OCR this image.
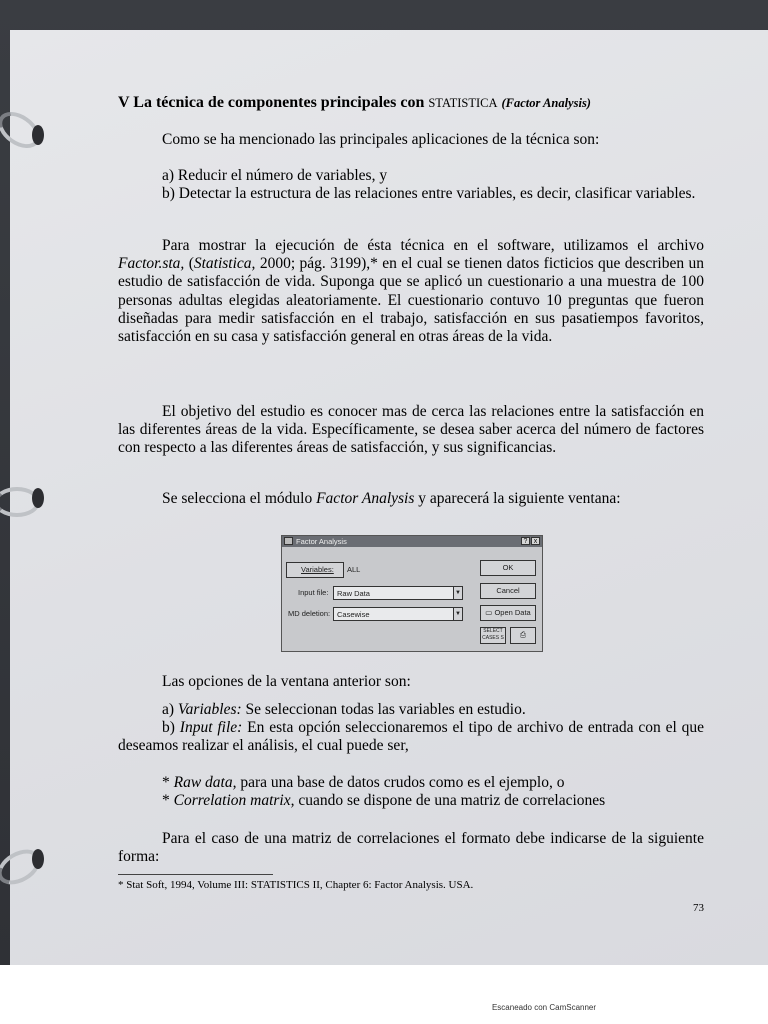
V La técnica de componentes principales con STATISTICA (Factor Analysis)
Como se ha mencionado las principales aplicaciones de la técnica son:
a) Reducir el número de variables, y
b) Detectar la estructura de las relaciones entre variables, es decir, clasificar variables.
Para mostrar la ejecución de ésta técnica en el software, utilizamos el archivo Factor.sta, (Statistica, 2000; pág. 3199),* en el cual se tienen datos ficticios que describen un estudio de satisfacción de vida. Suponga que se aplicó un cuestionario a una muestra de 100 personas adultas elegidas aleatoriamente. El cuestionario contuvo 10 preguntas que fueron diseñadas para medir satisfacción en el trabajo, satisfacción en sus pasatiempos favoritos, satisfacción en su casa y satisfacción general en otras áreas de la vida.
El objetivo del estudio es conocer mas de cerca las relaciones entre la satisfacción en las diferentes áreas de la vida. Específicamente, se desea saber acerca del número de factores con respecto a las diferentes áreas de satisfacción, y sus significancias.
Se selecciona el módulo Factor Analysis y aparecerá la siguiente ventana:
Factor Analysis	? x
Variables:	ALL
Input file:	Raw Data	▼
MD deletion: Casewise	▼
OK
Cancel
▭ Open Data
SELECT CASES S	⎙
Las opciones de la ventana anterior son:
a) Variables: Se seleccionan todas las variables en estudio.
b) Input file: En esta opción seleccionaremos el tipo de archivo de entrada con el que deseamos realizar el análisis, el cual puede ser,
* Raw data, para una base de datos crudos como es el ejemplo, o
* Correlation matrix, cuando se dispone de una matriz de correlaciones
Para el caso de una matriz de correlaciones el formato debe indicarse de la siguiente forma:
* Stat Soft, 1994, Volume III: STATISTICS II, Chapter 6: Factor Analysis. USA.
73
Escaneado con CamScanner
